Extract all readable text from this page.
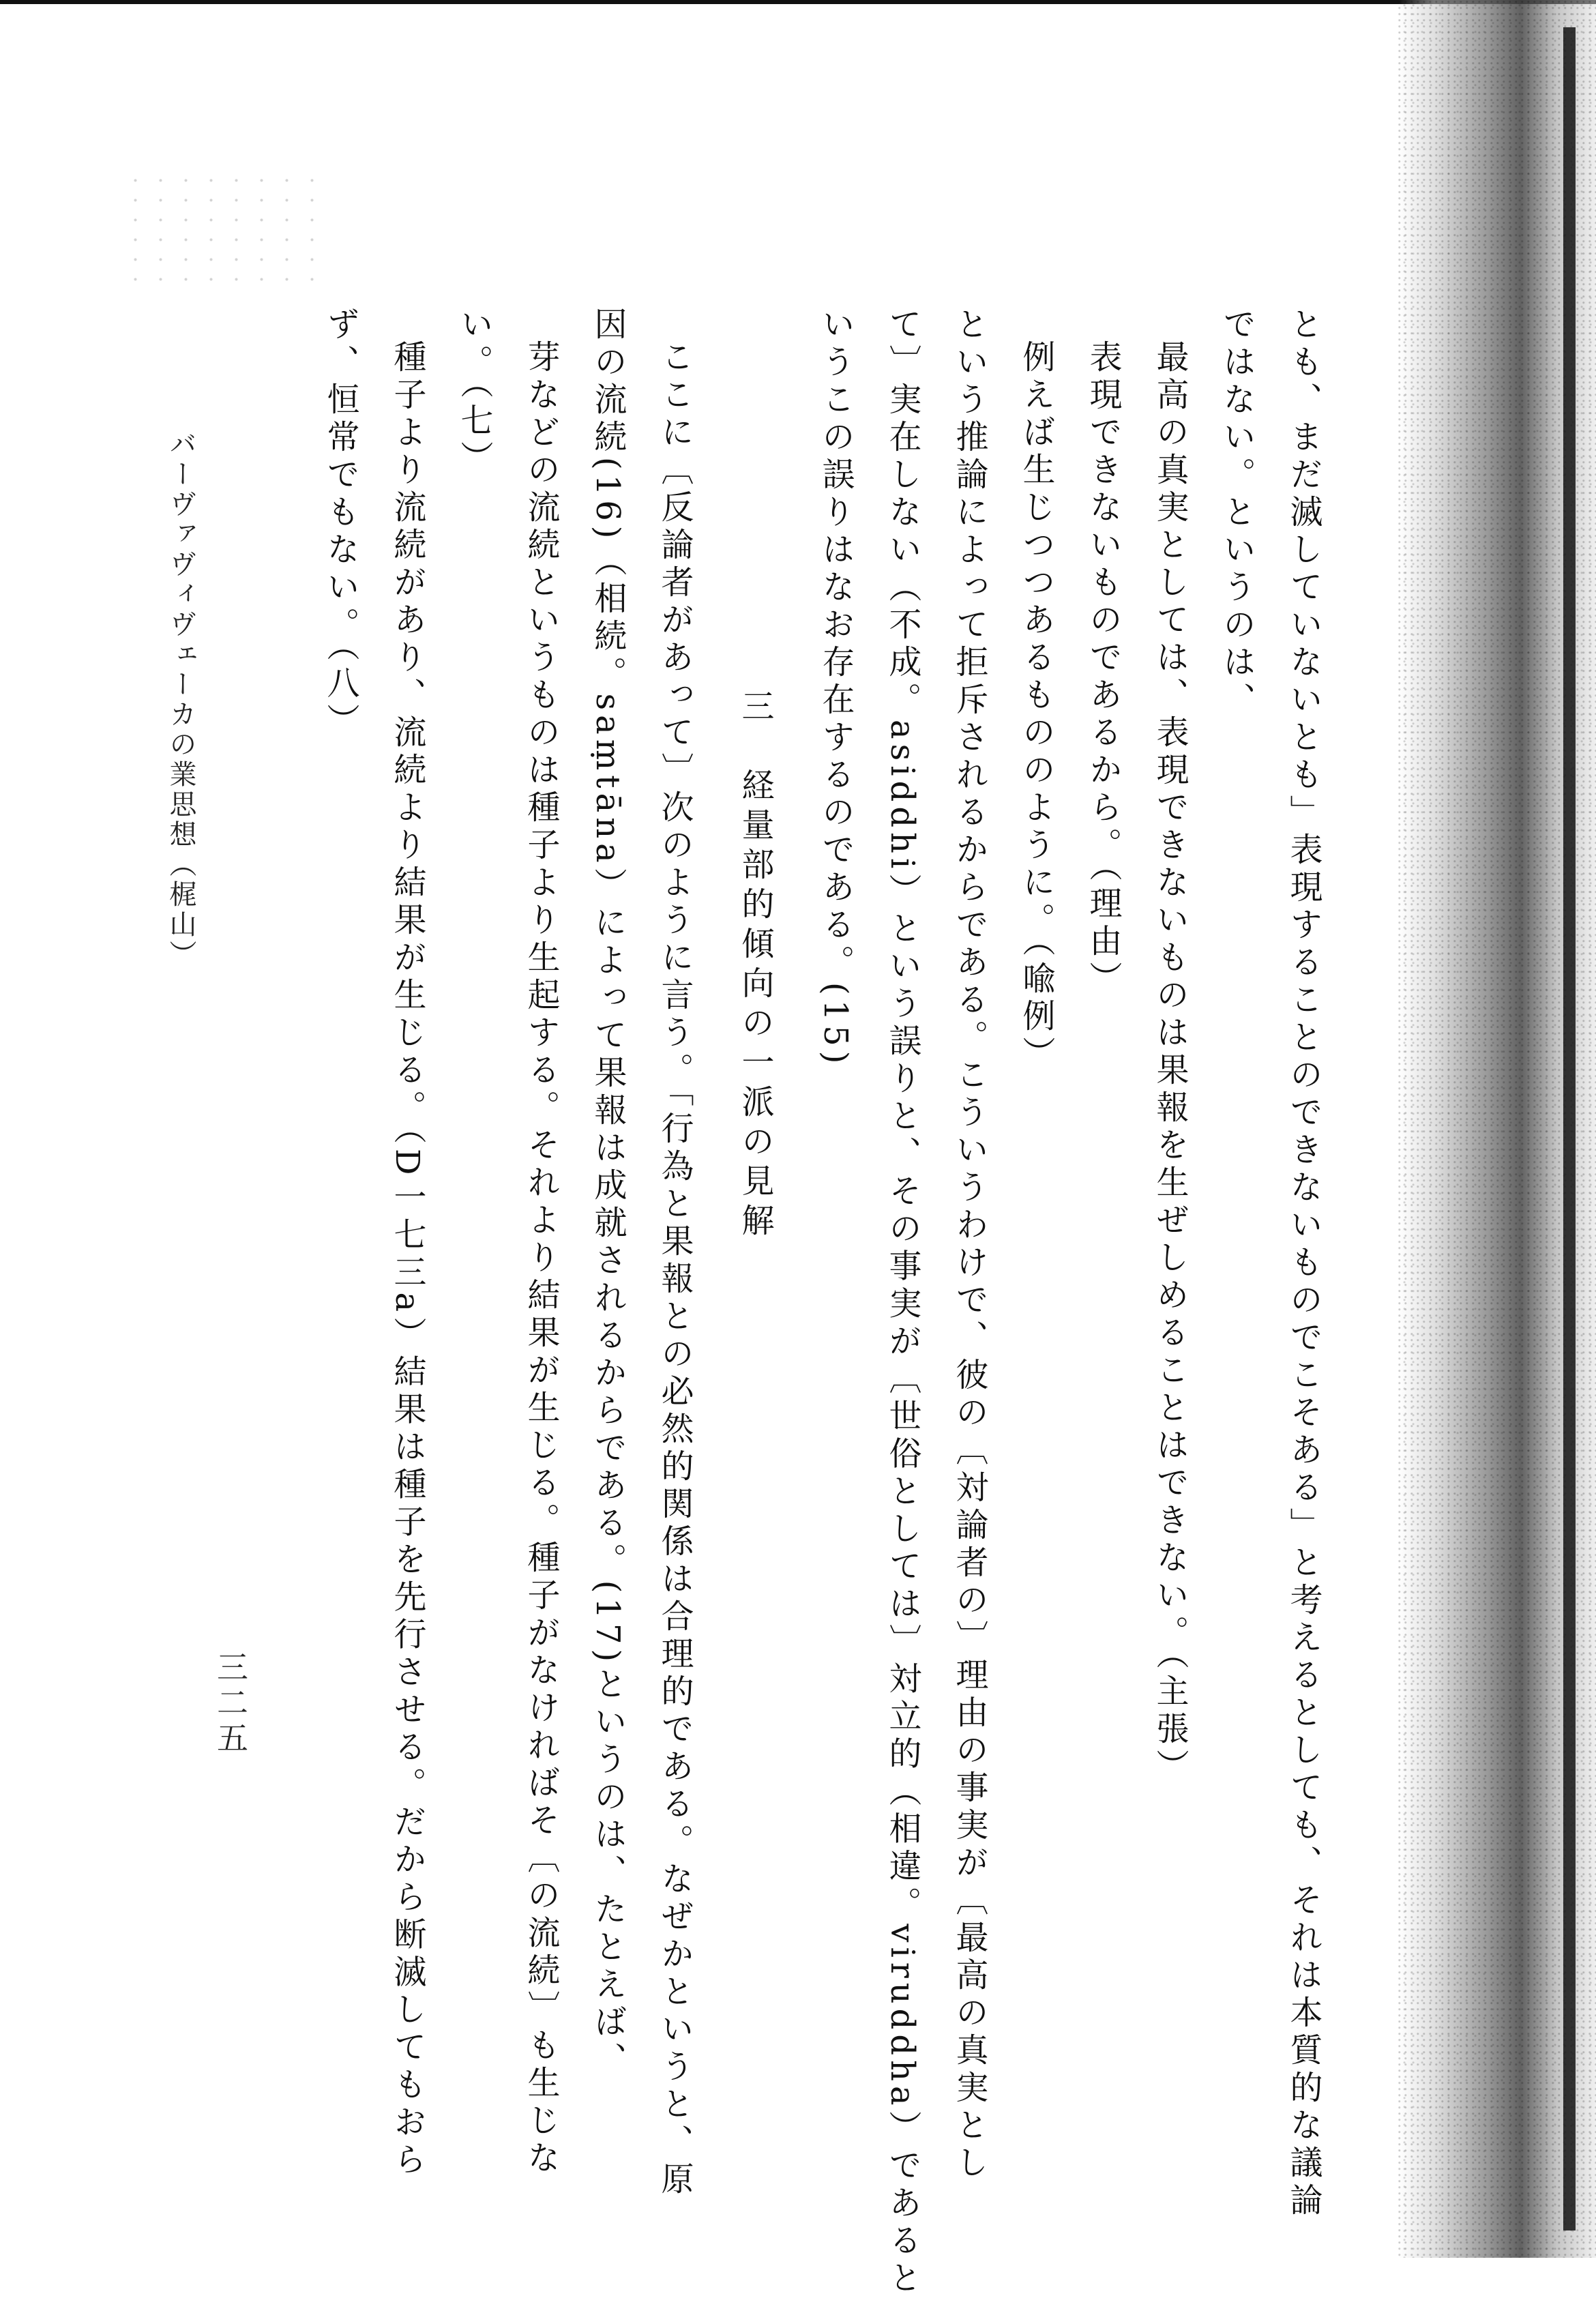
とも、まだ滅していないとも」表現することのできないものでこそある」と考えるとしても、それは本質的な議論

ではない。というのは、

最高の真実としては、表現できないものは果報を生ぜしめることはできない。（主張）

表現できないものであるから。（理由）

例えば生じつつあるもののように。（喩例）

という推論によって拒斥されるからである。こういうわけで、彼の〔対論者の〕理由の事実が〔最高の真実とし

て〕実在しない（不成。asiddhi）という誤りと、その事実が〔世俗としては〕対立的（相違。viruddha）であると

いうこの誤りはなお存在するのである。(15)

三　経量部的傾向の一派の見解

ここに〔反論者があって〕次のように言う。「行為と果報との必然的関係は合理的である。なぜかというと、原

因の流続(16)（相続。saṃtāna）によって果報は成就されるからである。(17)というのは、たとえば、

芽などの流続というものは種子より生起する。それより結果が生じる。種子がなければそ〔の流続〕も生じな

い。（七）

種子より流続があり、流続より結果が生じる。（D一七三a）結果は種子を先行させる。だから断滅してもおら

ず、恒常でもない。（八）

バーヴァヴィヴェーカの業思想（梶山）
三二五
